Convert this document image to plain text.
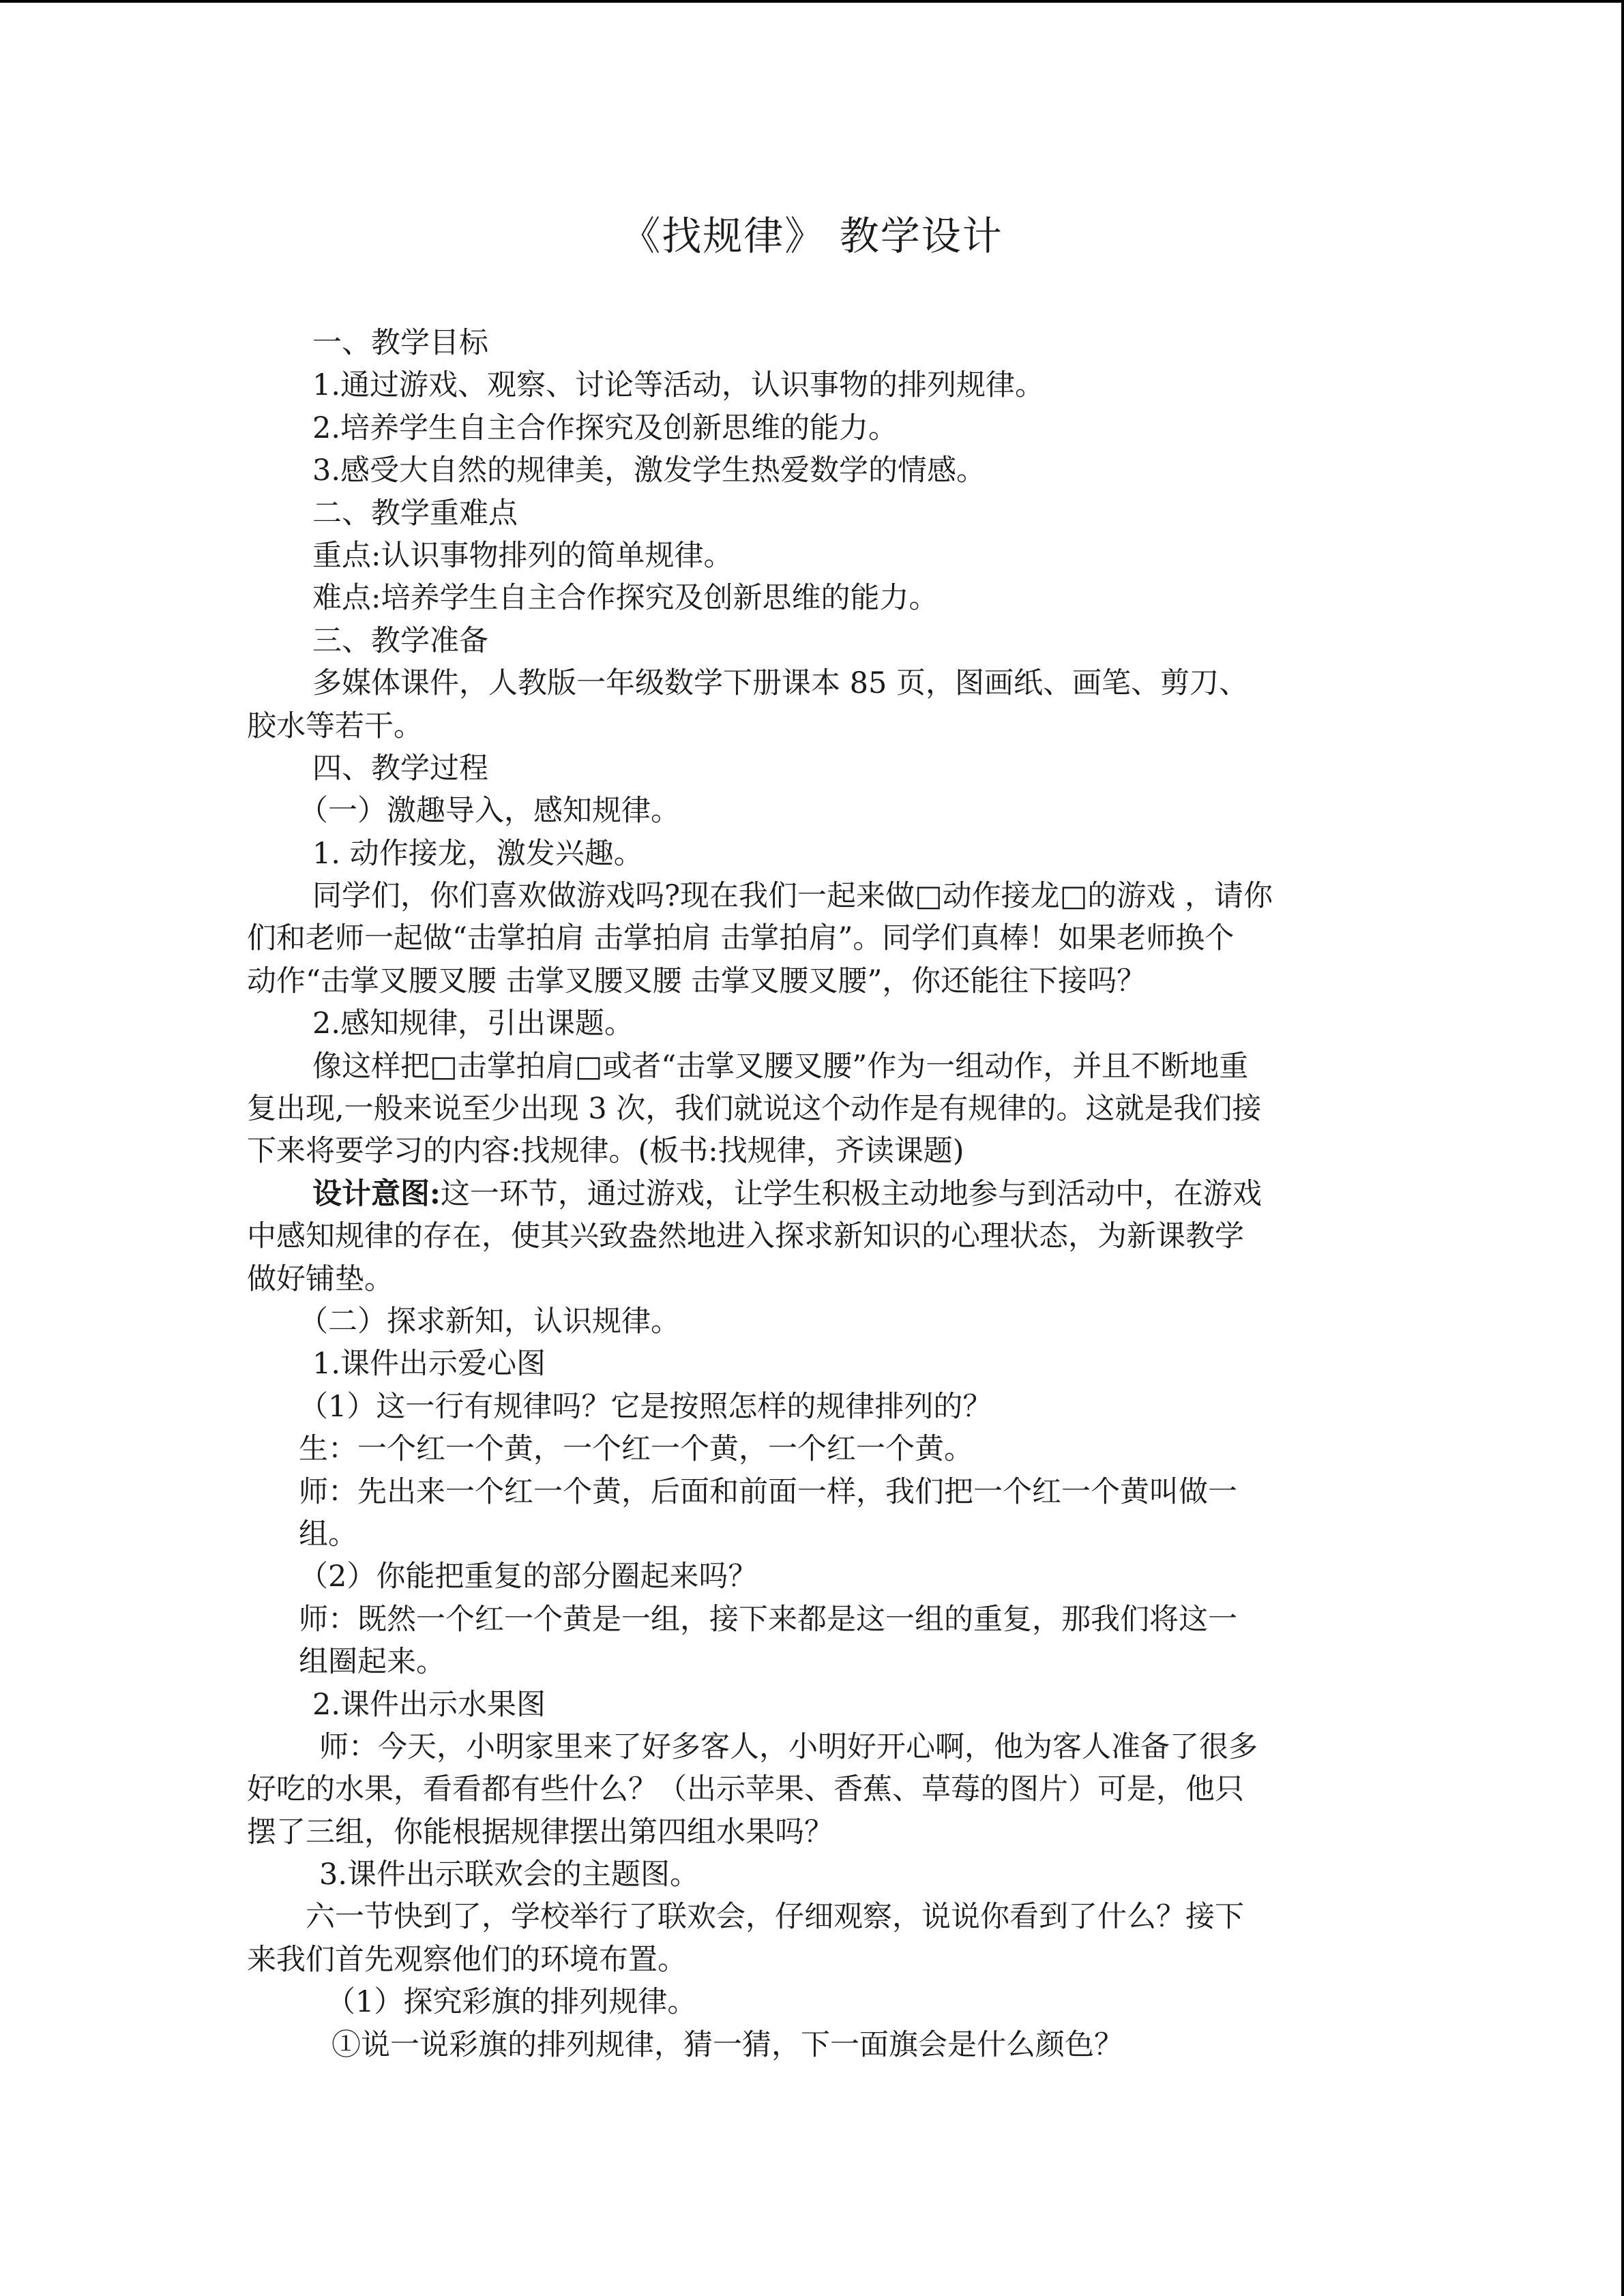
《找规律》 教学设计
一、教学目标
1.通过游戏、观察、讨论等活动，认识事物的排列规律。
2.培养学生自主合作探究及创新思维的能力。
3.感受大自然的规律美，激发学生热爱数学的情感。
二、教学重难点
重点:认识事物排列的简单规律。
难点:培养学生自主合作探究及创新思维的能力。
三、教学准备
多媒体课件，人教版一年级数学下册课本 85 页，图画纸、画笔、剪刀、
胶水等若干。
四、教学过程
（一）激趣导入，感知规律。
1. 动作接龙，激发兴趣。
同学们，你们喜欢做游戏吗?现在我们一起来做□动作接龙□的游戏 ，请你
们和老师一起做“击掌拍肩 击掌拍肩 击掌拍肩”。同学们真棒！如果老师换个
动作“击掌叉腰叉腰 击掌叉腰叉腰 击掌叉腰叉腰”，你还能往下接吗？
2.感知规律，引出课题。
像这样把□击掌拍肩□或者“击掌叉腰叉腰”作为一组动作，并且不断地重
复出现,一般来说至少出现 3 次，我们就说这个动作是有规律的。这就是我们接
下来将要学习的内容:找规律。(板书:找规律，齐读课题)
设计意图:这一环节，通过游戏，让学生积极主动地参与到活动中，在游戏
中感知规律的存在，使其兴致盎然地进入探求新知识的心理状态，为新课教学
做好铺垫。
（二）探求新知，认识规律。
1.课件出示爱心图
（1）这一行有规律吗？它是按照怎样的规律排列的？
生：一个红一个黄，一个红一个黄，一个红一个黄。
师：先出来一个红一个黄，后面和前面一样，我们把一个红一个黄叫做一
组。
（2）你能把重复的部分圈起来吗？
师：既然一个红一个黄是一组，接下来都是这一组的重复，那我们将这一
组圈起来。
2.课件出示水果图
师：今天，小明家里来了好多客人，小明好开心啊，他为客人准备了很多
好吃的水果，看看都有些什么？（出示苹果、香蕉、草莓的图片）可是，他只
摆了三组，你能根据规律摆出第四组水果吗？
3.课件出示联欢会的主题图。
六一节快到了，学校举行了联欢会，仔细观察，说说你看到了什么？接下
来我们首先观察他们的环境布置。
（1）探究彩旗的排列规律。
①说一说彩旗的排列规律，猜一猜，下一面旗会是什么颜色？
